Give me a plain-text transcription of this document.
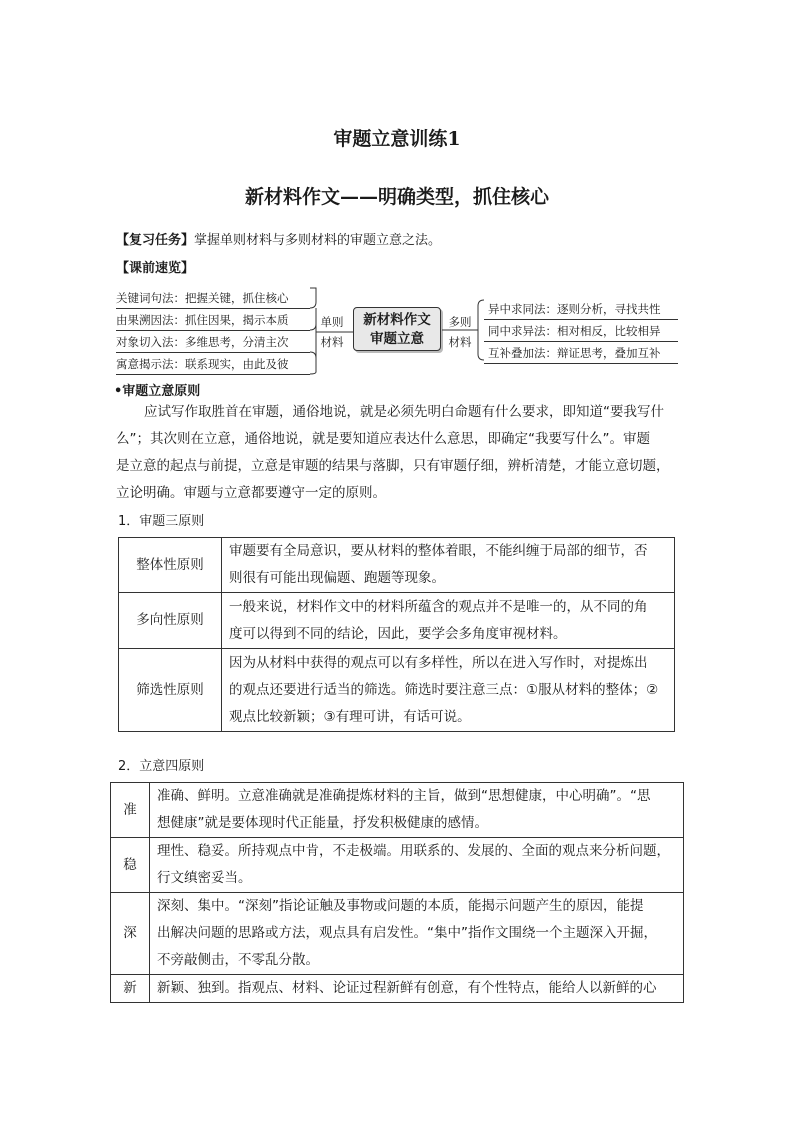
审题立意训练1
新材料作文——明确类型，抓住核心
【复习任务】掌握单则材料与多则材料的审题立意之法。
【课前速览】
关键词句法：把握关键，抓住核心
由果溯因法：抓住因果，揭示本质
对象切入法：多维思考，分清主次
寓意揭示法：联系现实，由此及彼
单则
材料
新材料作文
审题立意
多则
材料
异中求同法：逐则分析，寻找共性
同中求异法：相对相反，比较相异
互补叠加法：辩证思考，叠加互补
•审题立意原则
应试写作取胜首在审题，通俗地说，就是必须先明白命题有什么要求，即知道“要我写什
么”；其次则在立意，通俗地说，就是要知道应表达什么意思，即确定“我要写什么”。审题
是立意的起点与前提，立意是审题的结果与落脚，只有审题仔细，辨析清楚，才能立意切题，
立论明确。审题与立意都要遵守一定的原则。
1．审题三原则
整体性原则	审题要有全局意识，要从材料的整体着眼，不能纠缠于局部的细节，否
则很有可能出现偏题、跑题等现象。

多向性原则	一般来说，材料作文中的材料所蕴含的观点并不是唯一的，从不同的角
度可以得到不同的结论，因此，要学会多角度审视材料。

筛选性原则	因为从材料中获得的观点可以有多样性，所以在进入写作时，对提炼出
的观点还要进行适当的筛选。筛选时要注意三点：①服从材料的整体；②
观点比较新颖；③有理可讲，有话可说。
2．立意四原则
准	准确、鲜明。立意准确就是准确提炼材料的主旨，做到“思想健康，中心明确”。“思
想健康”就是要体现时代正能量，抒发积极健康的感情。

稳	理性、稳妥。所持观点中肯，不走极端。用联系的、发展的、全面的观点来分析问题，
行文缜密妥当。

深	深刻、集中。“深刻”指论证触及事物或问题的本质，能揭示问题产生的原因，能提
出解决问题的思路或方法，观点具有启发性。“集中”指作文围绕一个主题深入开掘，
不旁敲侧击，不零乱分散。

新	新颖、独到。指观点、材料、论证过程新鲜有创意，有个性特点，能给人以新鲜的心
